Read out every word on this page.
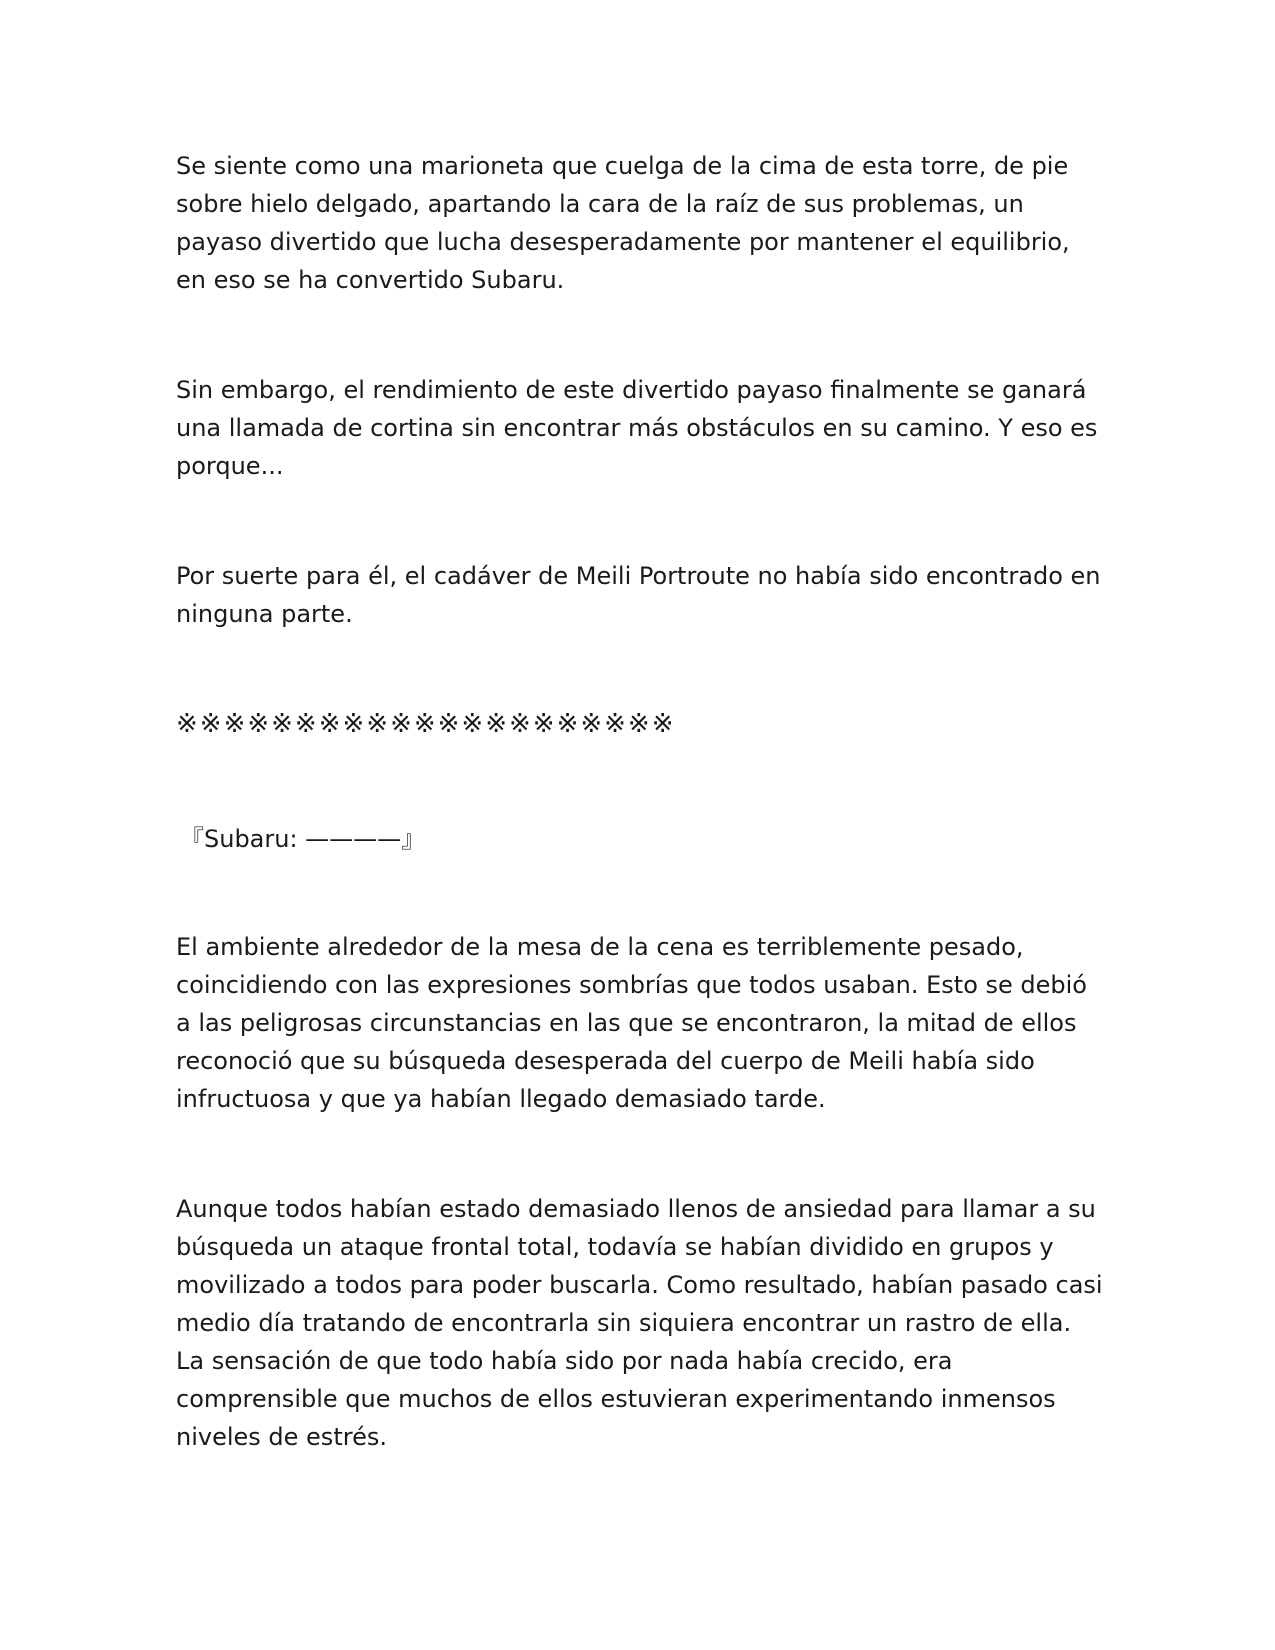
Se siente como una marioneta que cuelga de la cima de esta torre, de pie sobre hielo delgado, apartando la cara de la raíz de sus problemas, un payaso divertido que lucha desesperadamente por mantener el equilibrio, en eso se ha convertido Subaru.

Sin embargo, el rendimiento de este divertido payaso finalmente se ganará una llamada de cortina sin encontrar más obstáculos en su camino. Y eso es porque...

Por suerte para él, el cadáver de Meili Portroute no había sido encontrado en ninguna parte.

※※※※※※※※※※※※※※※※※※※※※

『Subaru: ————』

El ambiente alrededor de la mesa de la cena es terriblemente pesado, coincidiendo con las expresiones sombrías que todos usaban. Esto se debió a las peligrosas circunstancias en las que se encontraron, la mitad de ellos reconoció que su búsqueda desesperada del cuerpo de Meili había sido infructuosa y que ya habían llegado demasiado tarde.

Aunque todos habían estado demasiado llenos de ansiedad para llamar a su búsqueda un ataque frontal total, todavía se habían dividido en grupos y movilizado a todos para poder buscarla. Como resultado, habían pasado casi medio día tratando de encontrarla sin siquiera encontrar un rastro de ella. La sensación de que todo había sido por nada había crecido, era comprensible que muchos de ellos estuvieran experimentando inmensos niveles de estrés.
